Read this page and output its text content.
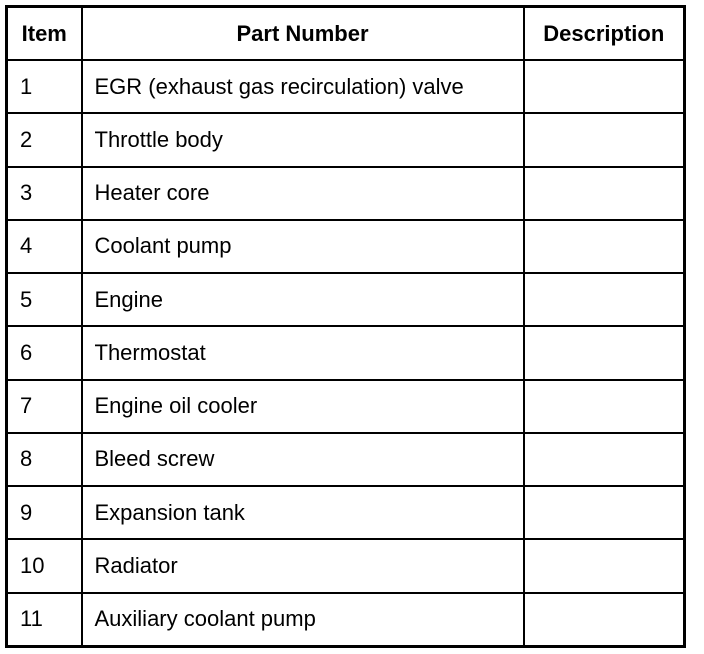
Item	Part Number	Description
1	EGR (exhaust gas recirculation) valve	
2	Throttle body	
3	Heater core	
4	Coolant pump	
5	Engine	
6	Thermostat	
7	Engine oil cooler	
8	Bleed screw	
9	Expansion tank	
10	Radiator	
11	Auxiliary coolant pump	
